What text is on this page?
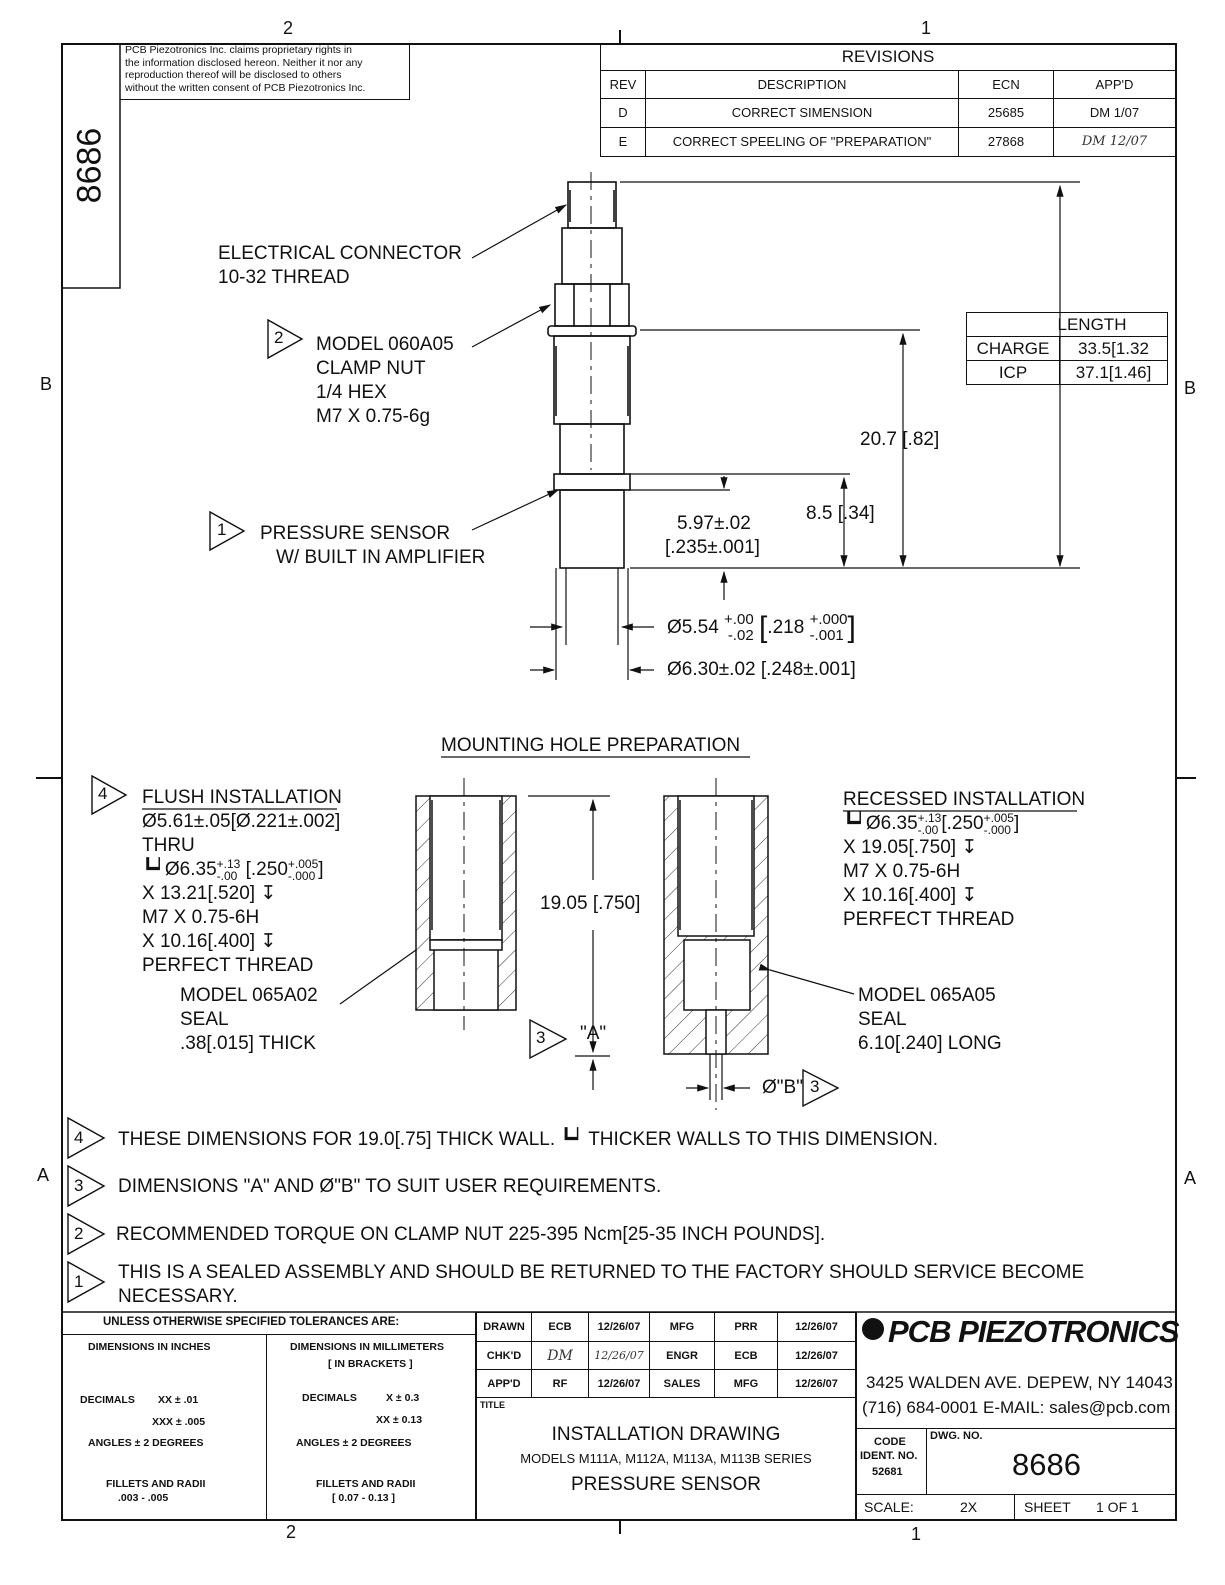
2	1
2	1
B	B
A	A
8686
PCB Piezotronics Inc. claims proprietary rights in
the information disclosed hereon. Neither it nor any
reproduction thereof will be disclosed to others
without the written consent of PCB Piezotronics Inc.
REVISIONS			
REV	DESCRIPTION	ECN	APP'D
D	CORRECT SIMENSION	25685	DM 1/07
E	CORRECT SPEELING OF "PREPARATION"	27868	DM 12/07
LENGTH	
CHARGE	33.5[1.32
ICP	37.1[1.46]
ELECTRICAL CONNECTOR
10-32 THREAD
2 MODEL 060A05
CLAMP NUT
1/4 HEX
M7 X 0.75-6g
1 PRESSURE SENSOR
W/ BUILT IN AMPLIFIER
20.7 [.82]
8.5 [.34]
5.97±.02
[.235±.001]
Ø5.54 +.00
-.02 [.218 +.000
-.001 ]
Ø6.30±.02 [.248±.001]
MOUNTING HOLE PREPARATION
4 FLUSH INSTALLATION
Ø5.61±.05[Ø.221±.002]
THRU
┗┙Ø6.35 +.13
-.00 [.250 +.005
-.000 ]
X 13.21[.520] ↧
M7 X 0.75-6H
X 10.16[.400] ↧
PERFECT THREAD
MODEL 065A02
SEAL
.38[.015] THICK
19.05 [.750]
3 "A"
Ø"B" 3
RECESSED INSTALLATION
┗┙Ø6.35 +.13
-.00 [.250 +.005
-.000 ]
X 19.05[.750] ↧
M7 X 0.75-6H
X 10.16[.400] ↧
PERFECT THREAD
MODEL 065A05
SEAL
6.10[.240] LONG
4 THESE DIMENSIONS FOR 19.0[.75] THICK WALL. ┗┙ THICKER WALLS TO THIS DIMENSION.
3 DIMENSIONS "A" AND Ø"B" TO SUIT USER REQUIREMENTS.
2 RECOMMENDED TORQUE ON CLAMP NUT 225-395 Ncm[25-35 INCH POUNDS].
1 THIS IS A SEALED ASSEMBLY AND SHOULD BE RETURNED TO THE FACTORY SHOULD SERVICE BECOME
NECESSARY.
UNLESS OTHERWISE SPECIFIED TOLERANCES ARE:
DIMENSIONS IN INCHES
DECIMALS XX ± .01
XXX ± .005
ANGLES ± 2 DEGREES
FILLETS AND RADII
.003 - .005
DIMENSIONS IN MILLIMETERS
[ IN BRACKETS ]
DECIMALS	X ± 0.3
XX ± 0.13
ANGLES ± 2 DEGREES
FILLETS AND RADII
[ 0.07 - 0.13 ]
DRAWN	ECB	12/26/07	MFG	PRR	12/26/07
CHK'D	DM	12/26/07	ENGR	ECB	12/26/07
APP'D	RF	12/26/07	SALES	MFG	12/26/07
TITLE
INSTALLATION DRAWING
MODELS M111A, M112A, M113A, M113B SERIES
PRESSURE SENSOR
PCB PIEZOTRONICS
3425 WALDEN AVE. DEPEW, NY 14043
(716) 684-0001 E-MAIL: sales@pcb.com
CODE
IDENT. NO.
52681
DWG. NO.
8686
SCALE:	2X	SHEET 1 OF 1
